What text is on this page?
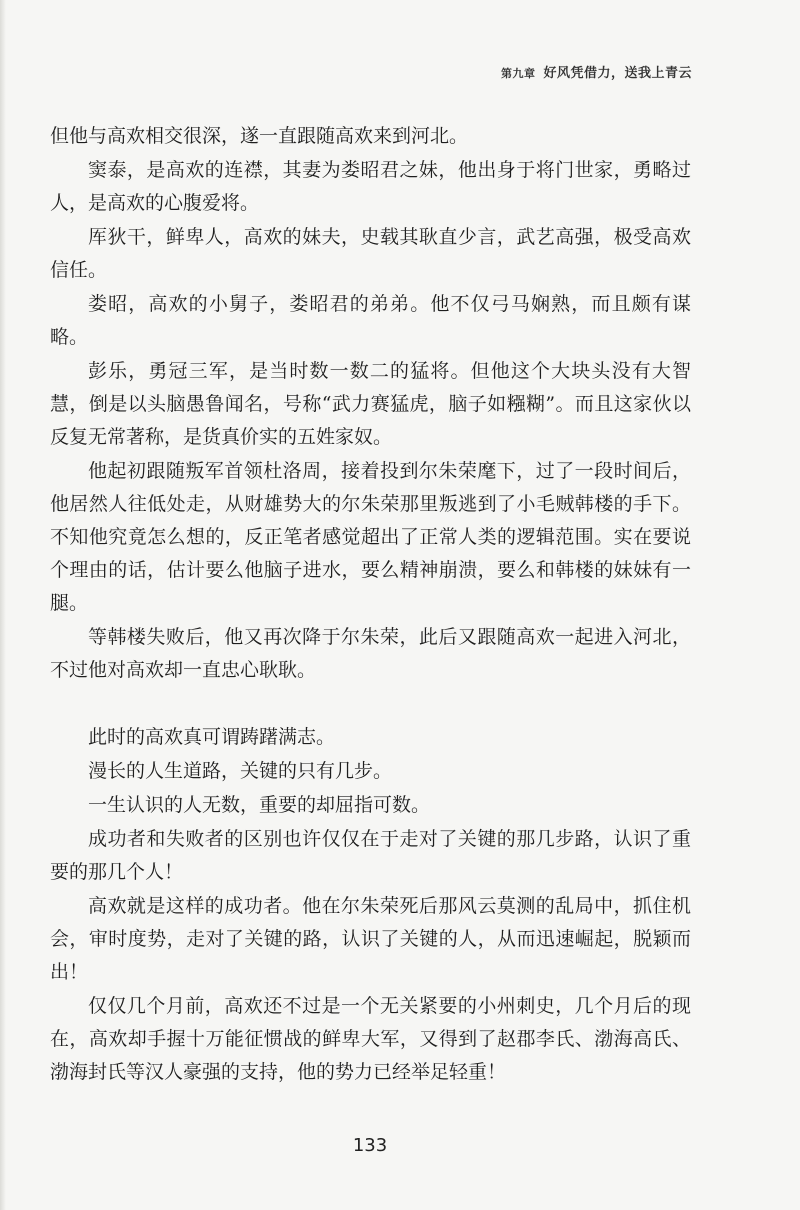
第九章 好风凭借力，送我上青云

但他与高欢相交很深，遂一直跟随高欢来到河北。

窦泰，是高欢的连襟，其妻为娄昭君之妹，他出身于将门世家，勇略过人，是高欢的心腹爱将。

厍狄干，鲜卑人，高欢的妹夫，史载其耿直少言，武艺高强，极受高欢信任。

娄昭，高欢的小舅子，娄昭君的弟弟。他不仅弓马娴熟，而且颇有谋略。

彭乐，勇冠三军，是当时数一数二的猛将。但他这个大块头没有大智慧，倒是以头脑愚鲁闻名，号称“武力赛猛虎，脑子如糨糊”。而且这家伙以反复无常著称，是货真价实的五姓家奴。

他起初跟随叛军首领杜洛周，接着投到尔朱荣麾下，过了一段时间后，他居然人往低处走，从财雄势大的尔朱荣那里叛逃到了小毛贼韩楼的手下。不知他究竟怎么想的，反正笔者感觉超出了正常人类的逻辑范围。实在要说个理由的话，估计要么他脑子进水，要么精神崩溃，要么和韩楼的妹妹有一腿。

等韩楼失败后，他又再次降于尔朱荣，此后又跟随高欢一起进入河北，不过他对高欢却一直忠心耿耿。

此时的高欢真可谓踌躇满志。

漫长的人生道路，关键的只有几步。

一生认识的人无数，重要的却屈指可数。

成功者和失败者的区别也许仅仅在于走对了关键的那几步路，认识了重要的那几个人！

高欢就是这样的成功者。他在尔朱荣死后那风云莫测的乱局中，抓住机会，审时度势，走对了关键的路，认识了关键的人，从而迅速崛起，脱颖而出！

仅仅几个月前，高欢还不过是一个无关紧要的小州刺史，几个月后的现在，高欢却手握十万能征惯战的鲜卑大军，又得到了赵郡李氏、渤海高氏、渤海封氏等汉人豪强的支持，他的势力已经举足轻重！

133
